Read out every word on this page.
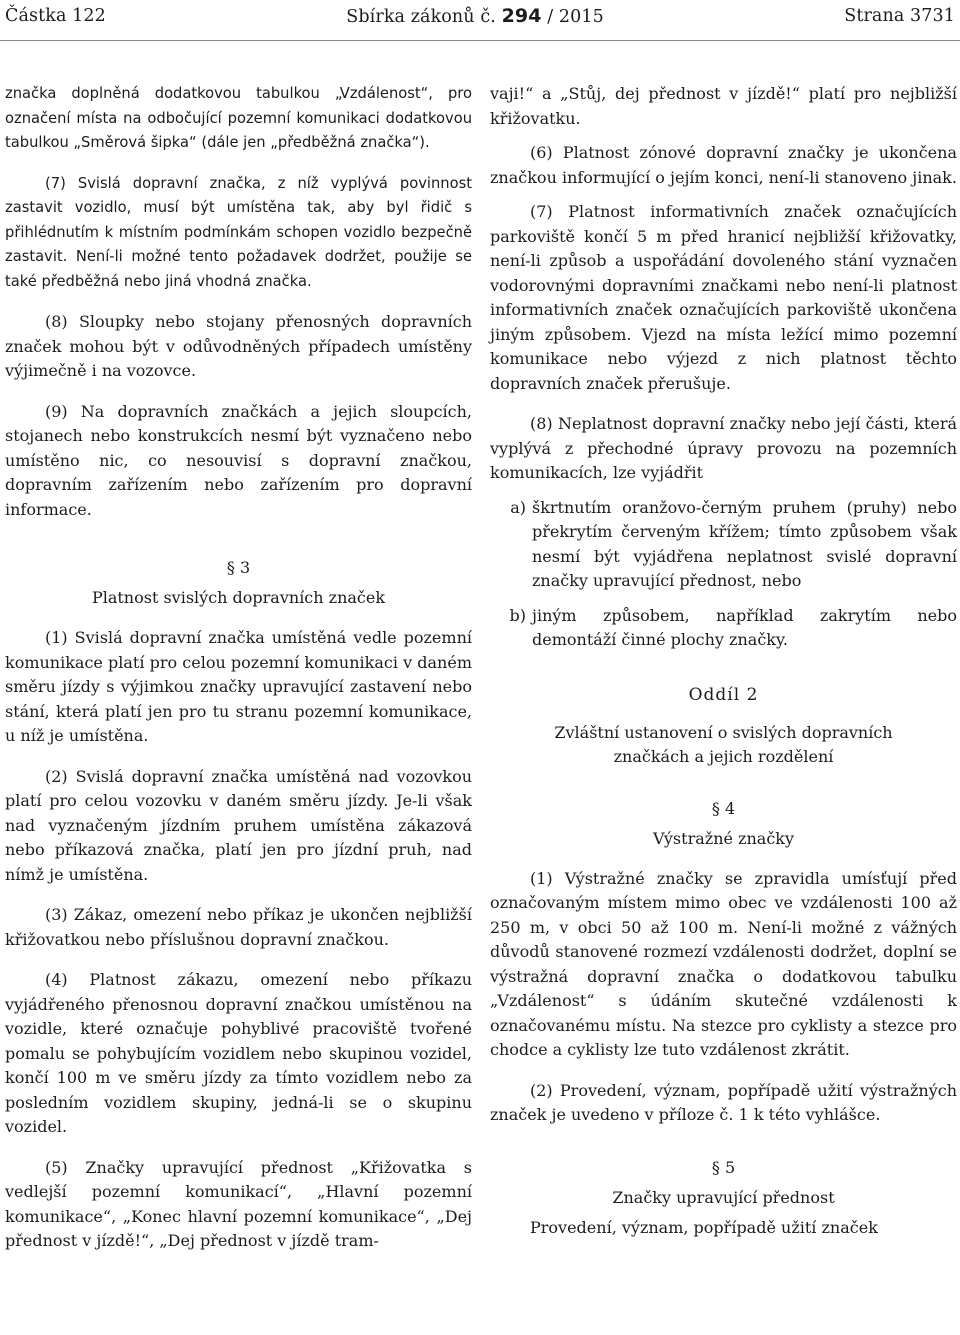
Částka 122	Sbírka zákonů č. 294 / 2015	Strana 3731

značka doplněná dodatkovou tabulkou „Vzdálenost“, pro označení místa na odbočující pozemní komunikaci dodatkovou tabulkou „Směrová šipka“ (dále jen „předběžná značka“).

(7) Svislá dopravní značka, z níž vyplývá povinnost zastavit vozidlo, musí být umístěna tak, aby byl řidič s přihlédnutím k místním podmínkám schopen vozidlo bezpečně zastavit. Není-li možné tento požadavek dodržet, použije se také předběžná nebo jiná vhodná značka.

(8) Sloupky nebo stojany přenosných dopravních značek mohou být v odůvodněných případech umístěny výjimečně i na vozovce.

(9) Na dopravních značkách a jejich sloupcích, stojanech nebo konstrukcích nesmí být vyznačeno nebo umístěno nic, co nesouvisí s dopravní značkou, dopravním zařízením nebo zařízením pro dopravní informace.

§ 3
Platnost svislých dopravních značek

(1) Svislá dopravní značka umístěná vedle pozemní komunikace platí pro celou pozemní komunikaci v daném směru jízdy s výjimkou značky upravující zastavení nebo stání, která platí jen pro tu stranu pozemní komunikace, u níž je umístěna.

(2) Svislá dopravní značka umístěná nad vozovkou platí pro celou vozovku v daném směru jízdy. Je-li však nad vyznačeným jízdním pruhem umístěna zákazová nebo příkazová značka, platí jen pro jízdní pruh, nad nímž je umístěna.

(3) Zákaz, omezení nebo příkaz je ukončen nejbližší křižovatkou nebo příslušnou dopravní značkou.

(4) Platnost zákazu, omezení nebo příkazu vyjádřeného přenosnou dopravní značkou umístěnou na vozidle, které označuje pohyblivé pracoviště tvořené pomalu se pohybujícím vozidlem nebo skupinou vozidel, končí 100 m ve směru jízdy za tímto vozidlem nebo za posledním vozidlem skupiny, jedná-li se o skupinu vozidel.

(5) Značky upravující přednost „Křižovatka s vedlejší pozemní komunikací“, „Hlavní pozemní komunikace“, „Konec hlavní pozemní komunikace“, „Dej přednost v jízdě!“, „Dej přednost v jízdě tram-

vaji!“ a „Stůj, dej přednost v jízdě!“ platí pro nejbližší křižovatku.

(6) Platnost zónové dopravní značky je ukončena značkou informující o jejím konci, není-li stanoveno jinak.

(7) Platnost informativních značek označujících parkoviště končí 5 m před hranicí nejbližší křižovatky, není-li způsob a uspořádání dovoleného stání vyznačen vodorovnými dopravními značkami nebo není-li platnost informativních značek označujících parkoviště ukončena jiným způsobem. Vjezd na místa ležící mimo pozemní komunikace nebo výjezd z nich platnost těchto dopravních značek přerušuje.

(8) Neplatnost dopravní značky nebo její části, která vyplývá z přechodné úpravy provozu na pozemních komunikacích, lze vyjádřit

a) škrtnutím oranžovo-černým pruhem (pruhy) nebo překrytím červeným křížem; tímto způsobem však nesmí být vyjádřena neplatnost svislé dopravní značky upravující přednost, nebo
b) jiným způsobem, například zakrytím nebo demontáží činné plochy značky.
Oddíl 2
Zvláštní ustanovení o svislých dopravních značkách a jejich rozdělení
§ 4
Výstražné značky

(1) Výstražné značky se zpravidla umísťují před označovaným místem mimo obec ve vzdálenosti 100 až 250 m, v obci 50 až 100 m. Není-li možné z vážných důvodů stanovené rozmezí vzdálenosti dodržet, doplní se výstražná dopravní značka o dodatkovou tabulku „Vzdálenost“ s údáním skutečné vzdálenosti k označovanému místu. Na stezce pro cyklisty a stezce pro chodce a cyklisty lze tuto vzdálenost zkrátit.

(2) Provedení, význam, popřípadě užití výstražných značek je uvedeno v příloze č. 1 k této vyhlášce.

§ 5
Značky upravující přednost

Provedení, význam, popřípadě užití značek
